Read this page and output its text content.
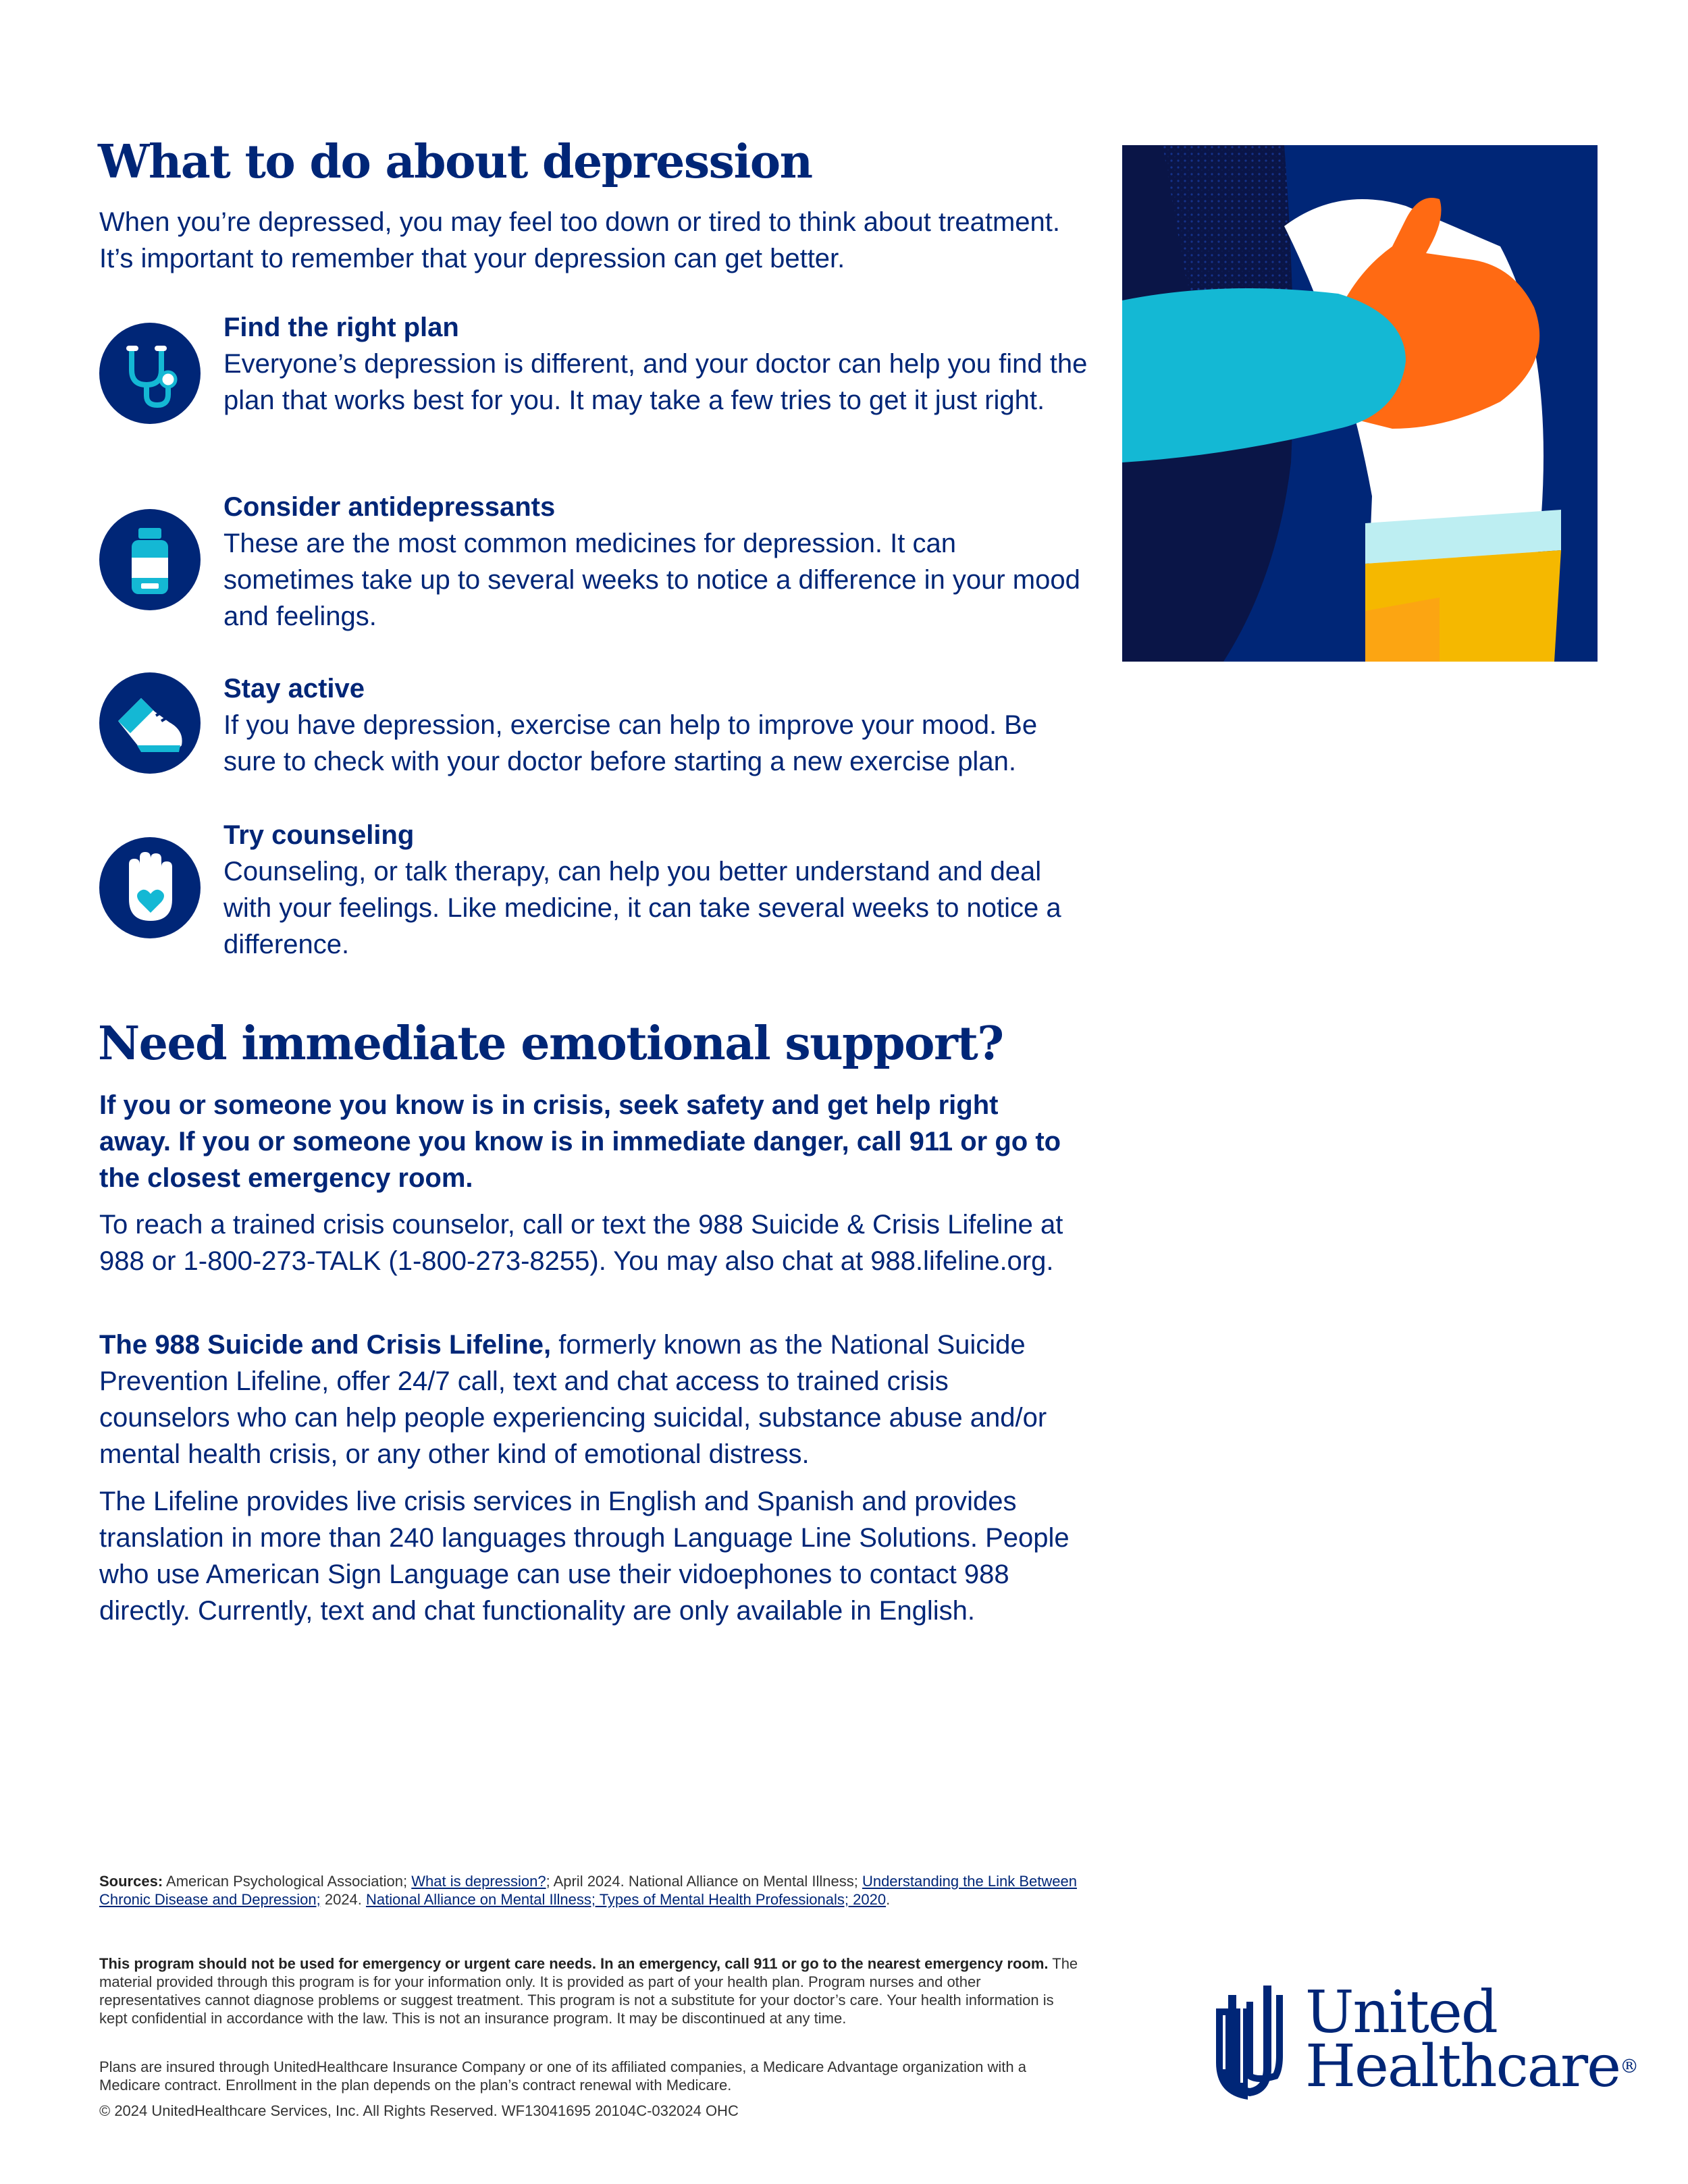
What to do about depression
When you’re depressed, you may feel too down or tired to think about treatment. It’s important to remember that your depression can get better.
Find the right plan
Everyone’s depression is different, and your doctor can help you find the plan that works best for you. It may take a few tries to get it just right.
Consider antidepressants
These are the most common medicines for depression. It can sometimes take up to several weeks to notice a difference in your mood and feelings.
Stay active
If you have depression, exercise can help to improve your mood. Be sure to check with your doctor before starting a new exercise plan.
Try counseling
Counseling, or talk therapy, can help you better understand and deal with your feelings. Like medicine, it can take several weeks to notice a difference.
Need immediate emotional support?
If you or someone you know is in crisis, seek safety and get help right away. If you or someone you know is in immediate danger, call 911 or go to the closest emergency room.
To reach a trained crisis counselor, call or text the 988 Suicide & Crisis Lifeline at 988 or 1-800-273-TALK (1-800-273-8255). You may also chat at 988.lifeline.org.
The 988 Suicide and Crisis Lifeline, formerly known as the National Suicide Prevention Lifeline, offer 24/7 call, text and chat access to trained crisis counselors who can help people experiencing suicidal, substance abuse and/or mental health crisis, or any other kind of emotional distress.
The Lifeline provides live crisis services in English and Spanish and provides translation in more than 240 languages through Language Line Solutions. People who use American Sign Language can use their vidoephones to contact 988 directly. Currently, text and chat functionality are only available in English.
Sources: American Psychological Association; What is depression?; April 2024. National Alliance on Mental Illness; Understanding the Link Between Chronic Disease and Depression; 2024. National Alliance on Mental Illness; Types of Mental Health Professionals; 2020.
This program should not be used for emergency or urgent care needs. In an emergency, call 911 or go to the nearest emergency room. The material provided through this program is for your information only. It is provided as part of your health plan. Program nurses and other representatives cannot diagnose problems or suggest treatment. This program is not a substitute for your doctor’s care. Your health information is kept confidential in accordance with the law. This is not an insurance program. It may be discontinued at any time.
Plans are insured through UnitedHealthcare Insurance Company or one of its affiliated companies, a Medicare Advantage organization with a Medicare contract. Enrollment in the plan depends on the plan’s contract renewal with Medicare.
© 2024 UnitedHealthcare Services, Inc. All Rights Reserved. WF13041695 20104C-032024 OHC
United
Healthcare®
